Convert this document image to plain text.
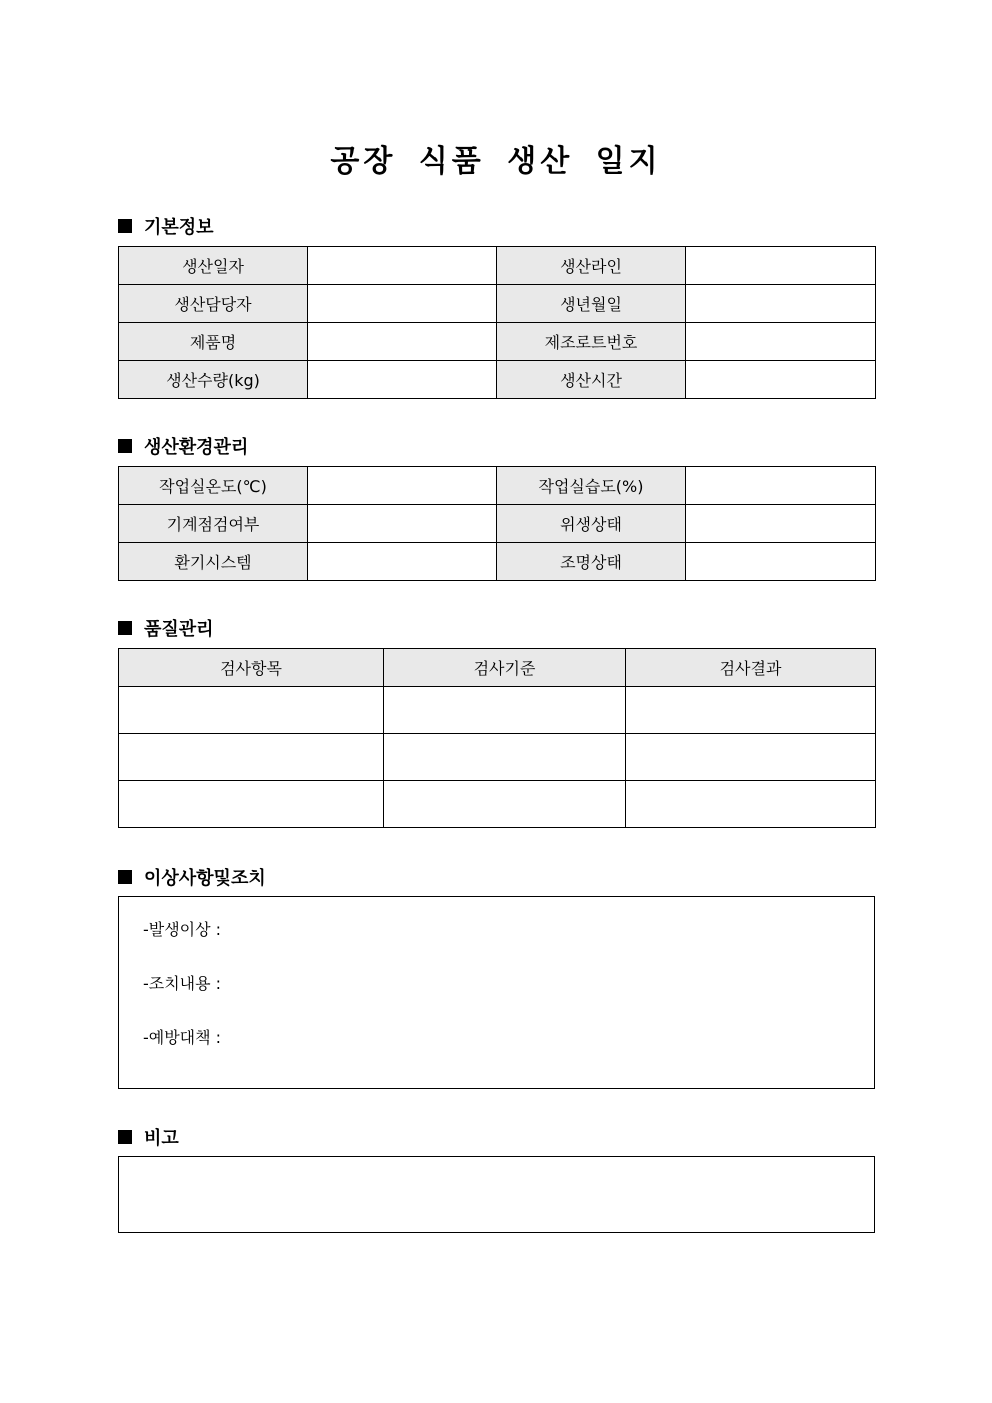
공장 식품 생산 일지
기본정보
생산일자		생산라인	
생산담당자		생년월일	
제품명		제조로트번호	
생산수량(kg)		생산시간	
생산환경관리
작업실온도(℃)		작업실습도(%)	
기계점검여부		위생상태	
환기시스템		조명상태	
품질관리
검사항목	검사기준	검사결과

이상사항및조치
-발생이상 :
-조치내용 :
-예방대책 :
비고
